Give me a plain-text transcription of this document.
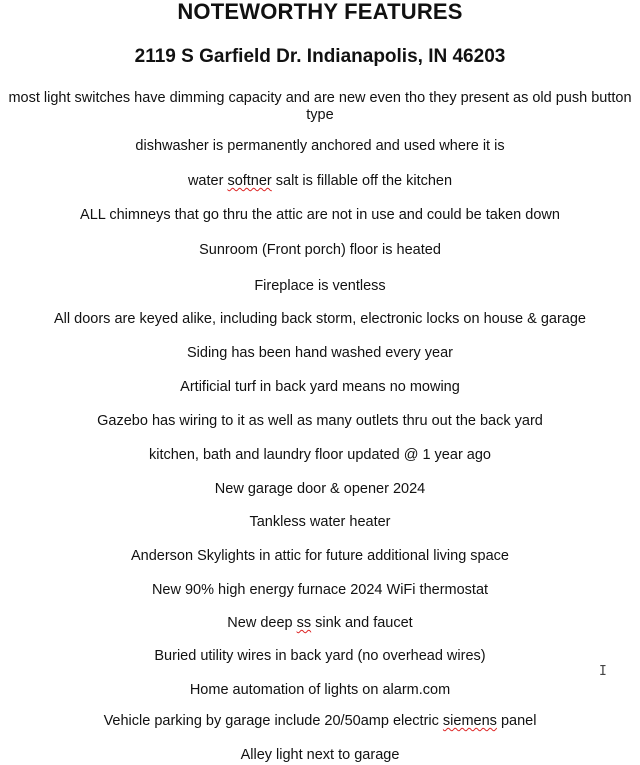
NOTEWORTHY FEATURES
2119 S Garfield Dr. Indianapolis, IN 46203
most light switches have dimming capacity and are new even tho they present as old push button type
dishwasher is permanently anchored and used where it is
water softner salt is fillable off the kitchen
ALL chimneys that go thru the attic are not in use and could be taken down
Sunroom (Front porch) floor is heated
Fireplace is ventless
All doors are keyed alike, including back storm, electronic locks on house & garage
Siding has been hand washed every year
Artificial turf in back yard means no mowing
Gazebo has wiring to it as well as many outlets thru out the back yard
kitchen, bath and laundry floor updated @ 1 year ago
New garage door & opener 2024
Tankless water heater
Anderson Skylights in attic for future additional living space
New 90% high energy furnace 2024 WiFi thermostat
New deep ss sink and faucet
Buried utility wires in back yard (no overhead wires)
Home automation of lights on alarm.com
Vehicle parking by garage include 20/50amp electric siemens panel
Alley light next to garage
I
